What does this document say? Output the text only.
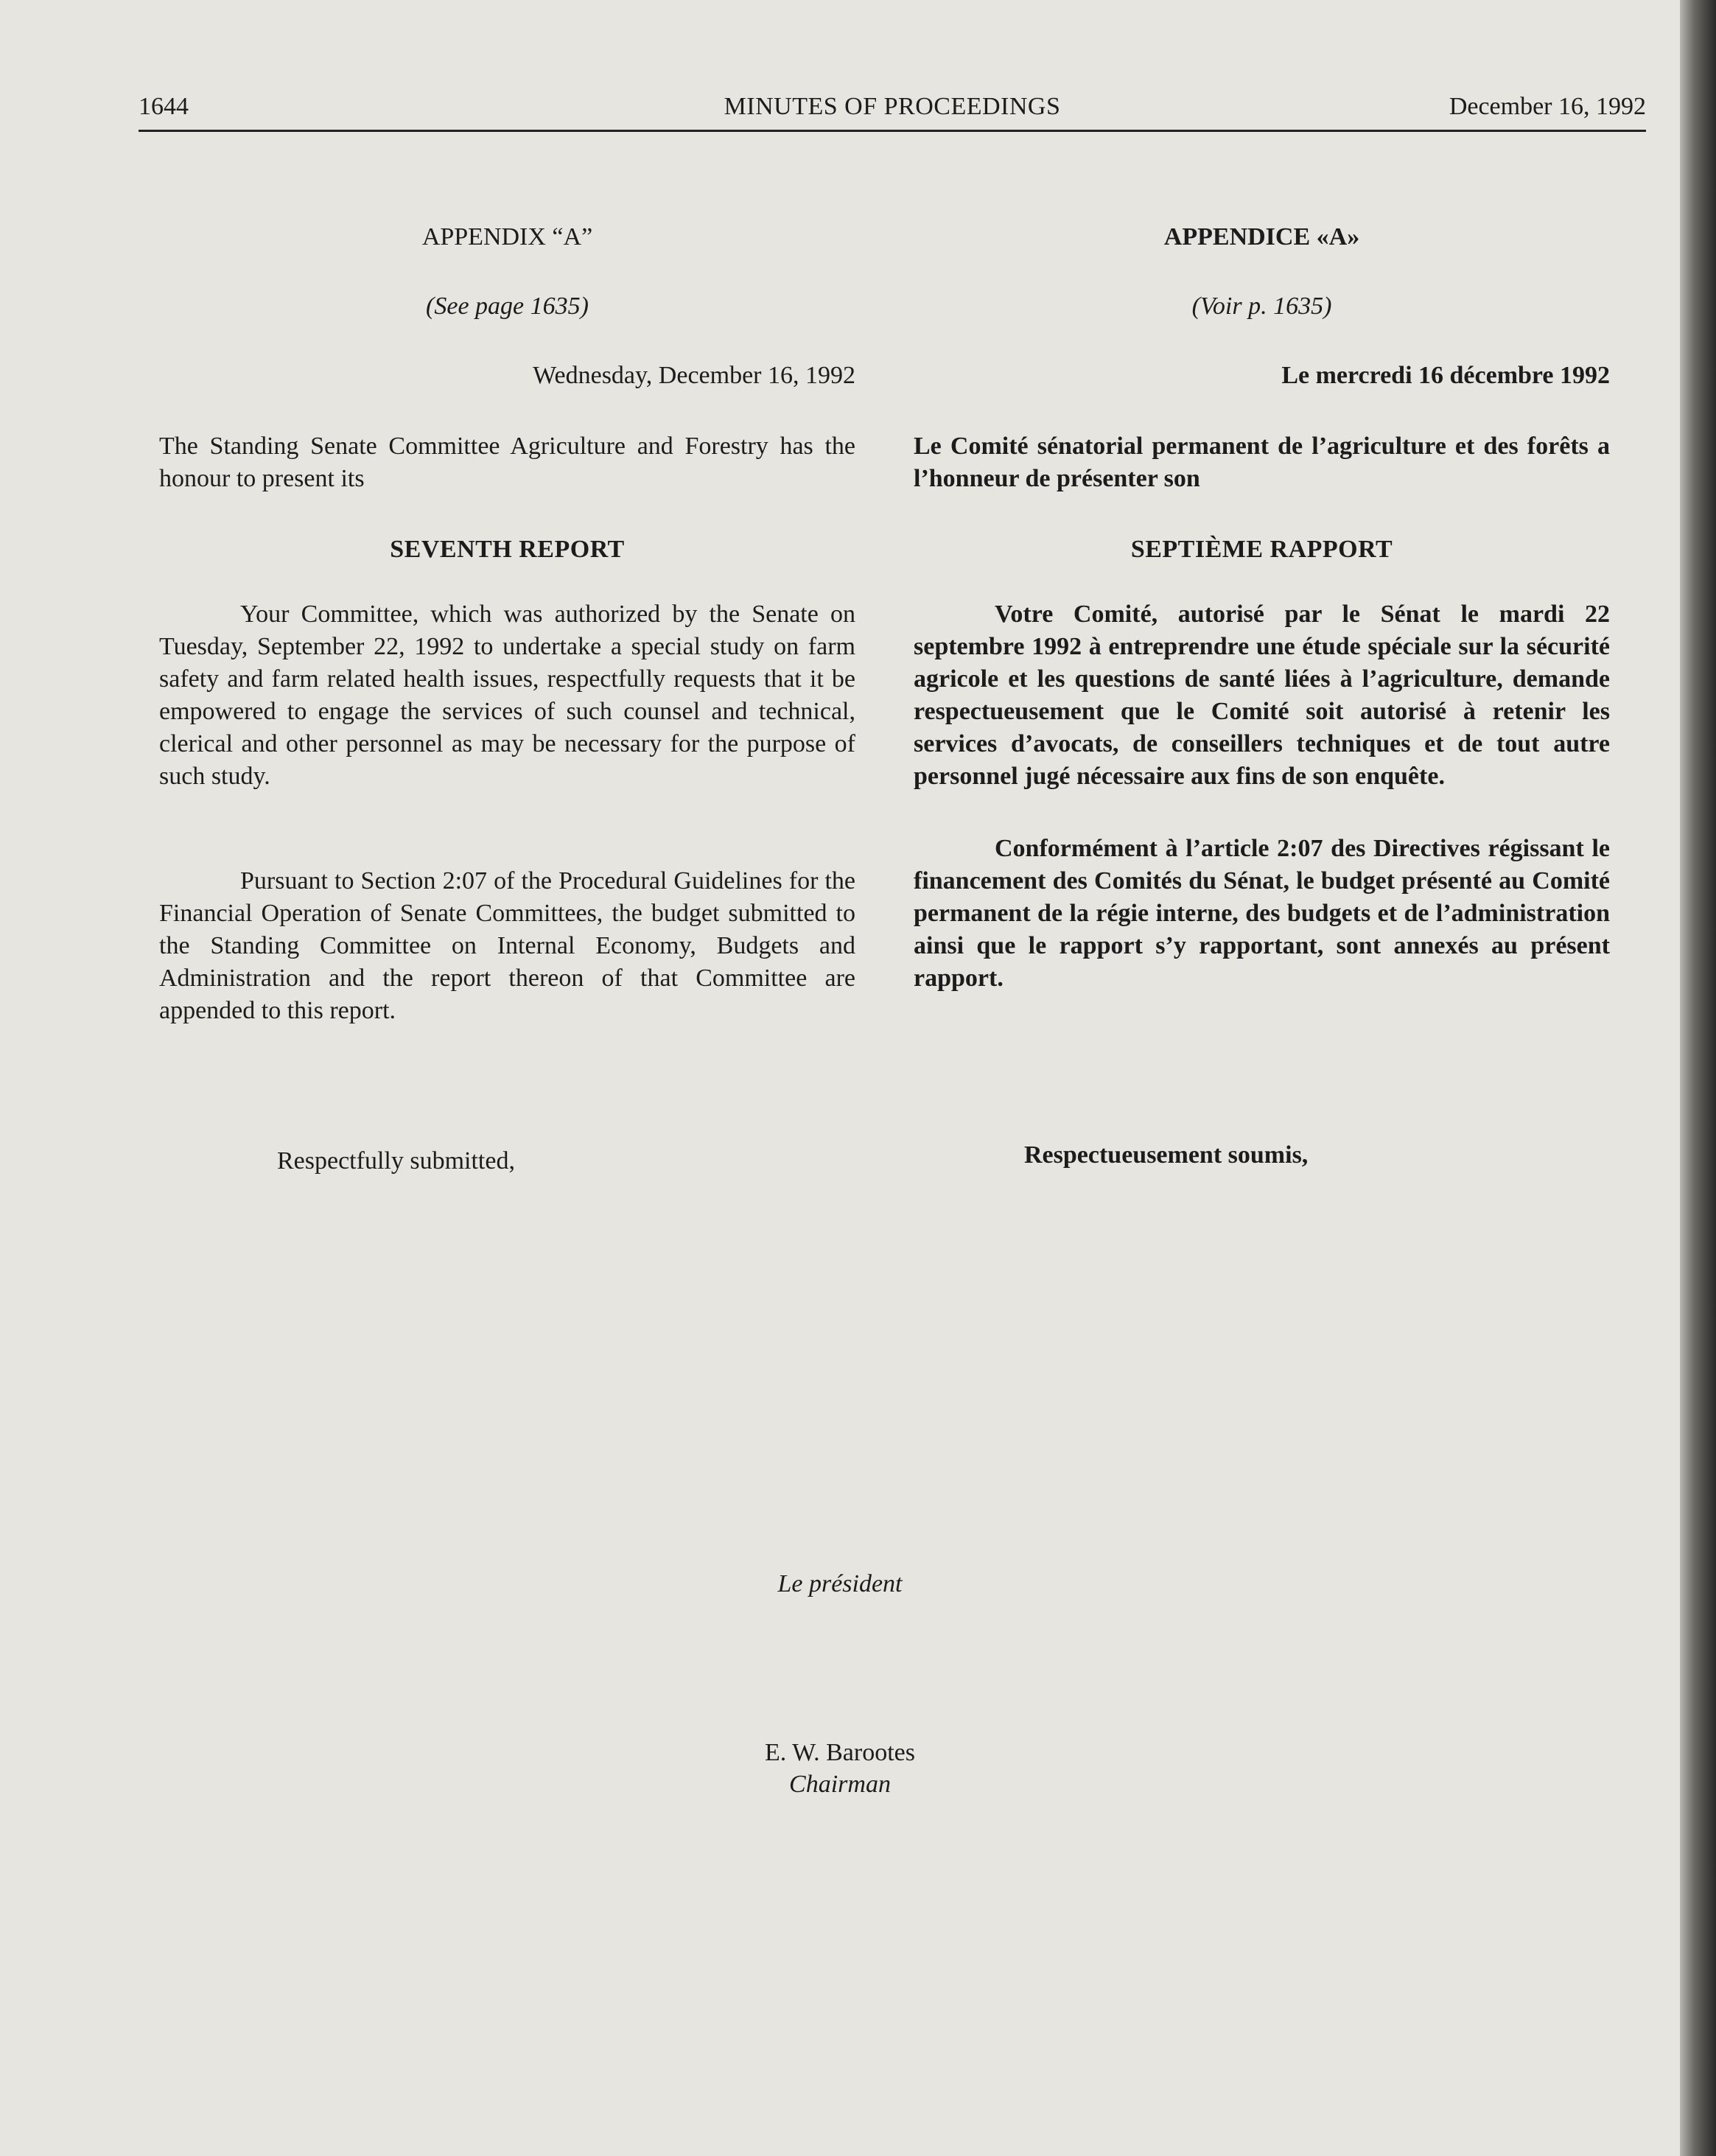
1644	MINUTES OF PROCEEDINGS	December 16, 1992
APPENDIX “A”
(See page 1635)
Wednesday, December 16, 1992
The Standing Senate Committee Agriculture and Forestry has the honour to present its
SEVENTH REPORT
Your Committee, which was authorized by the Senate on Tuesday, September 22, 1992 to undertake a special study on farm safety and farm related health issues, respectfully requests that it be empowered to engage the services of such counsel and technical, clerical and other personnel as may be necessary for the purpose of such study.
Pursuant to Section 2:07 of the Procedural Guidelines for the Financial Operation of Senate Committees, the budget submitted to the Standing Committee on Internal Economy, Budgets and Administration and the report thereon of that Committee are appended to this report.
Respectfully submitted,
APPENDICE «A»
(Voir p. 1635)
Le mercredi 16 décembre 1992
Le Comité sénatorial permanent de l’agriculture et des forêts a l’honneur de présenter son
SEPTIÈME RAPPORT
Votre Comité, autorisé par le Sénat le mardi 22 septembre 1992 à entreprendre une étude spéciale sur la sécurité agricole et les questions de santé liées à l’agriculture, demande respectueusement que le Comité soit autorisé à retenir les services d’avocats, de conseillers techniques et de tout autre personnel jugé nécessaire aux fins de son enquête.
Conformément à l’article 2:07 des Directives régissant le financement des Comités du Sénat, le budget présenté au Comité permanent de la régie interne, des budgets et de l’administration ainsi que le rapport s’y rapportant, sont annexés au présent rapport.
Respectueusement soumis,
Le président
E. W. Barootes
Chairman
